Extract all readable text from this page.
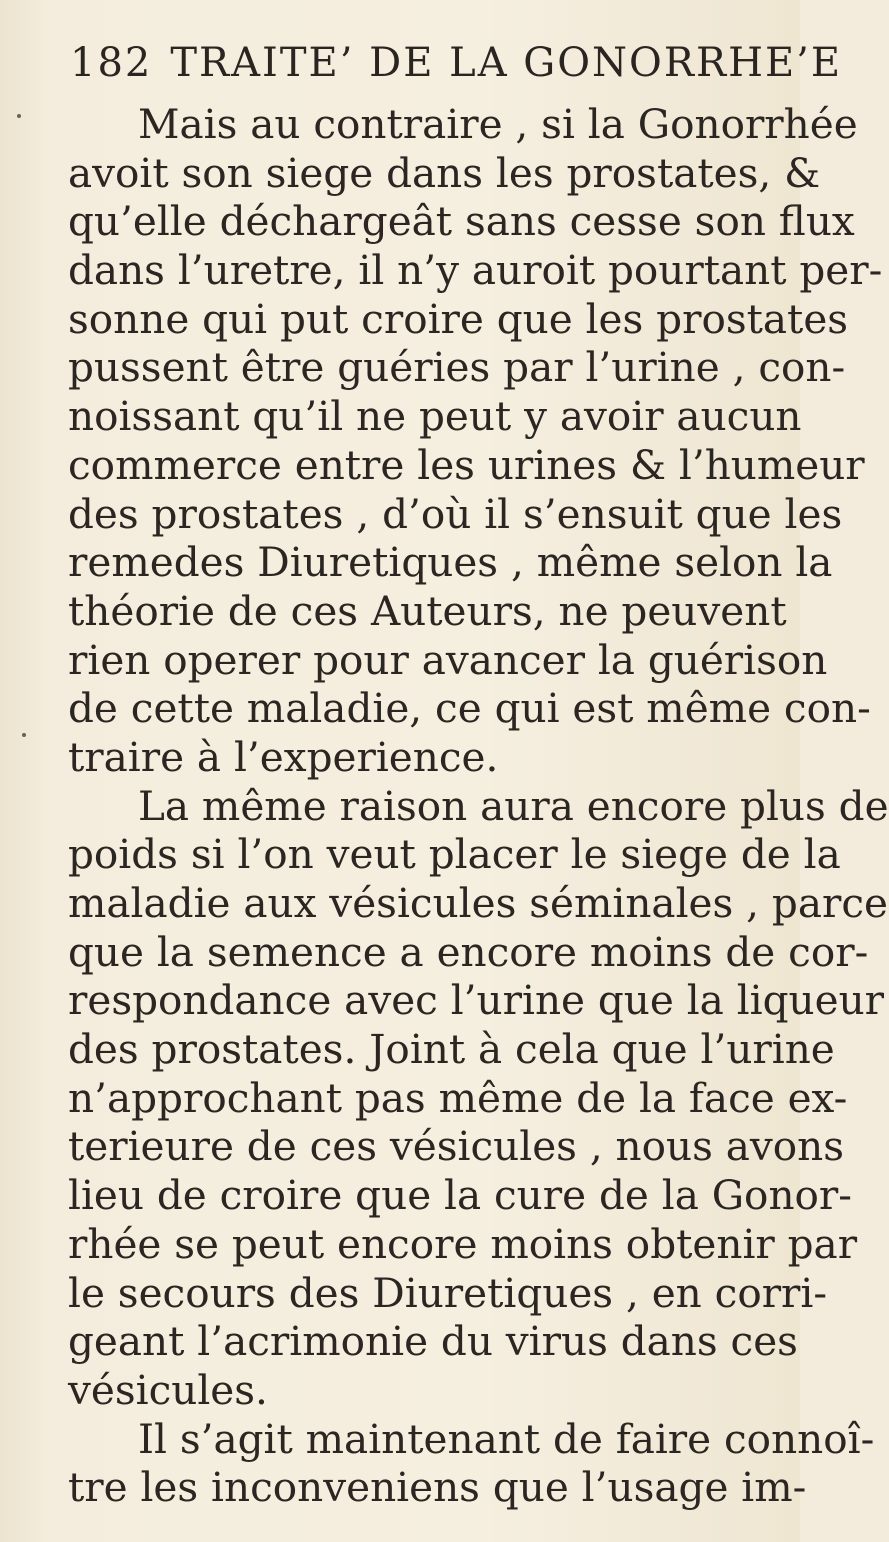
182 TRAITE’ DE LA GONORRHE’E
Mais au contraire , si la Gonorrhée
avoit son siege dans les prostates, &
qu’elle déchargeât sans cesse son flux
dans l’uretre, il n’y auroit pourtant per-
sonne qui put croire que les prostates
pussent être guéries par l’urine , con-
noissant qu’il ne peut y avoir aucun
commerce entre les urines & l’humeur
des prostates , d’où il s’ensuit que les
remedes Diuretiques , même selon la
théorie de ces Auteurs, ne peuvent
rien operer pour avancer la guérison
de cette maladie, ce qui est même con-
traire à l’experience.
La même raison aura encore plus de
poids si l’on veut placer le siege de la
maladie aux vésicules séminales , parce
que la semence a encore moins de cor-
respondance avec l’urine que la liqueur
des prostates. Joint à cela que l’urine
n’approchant pas même de la face ex-
terieure de ces vésicules , nous avons
lieu de croire que la cure de la Gonor-
rhée se peut encore moins obtenir par
le secours des Diuretiques , en corri-
geant l’acrimonie du virus dans ces
vésicules.
Il s’agit maintenant de faire connoî-
tre les inconveniens que l’usage im-
